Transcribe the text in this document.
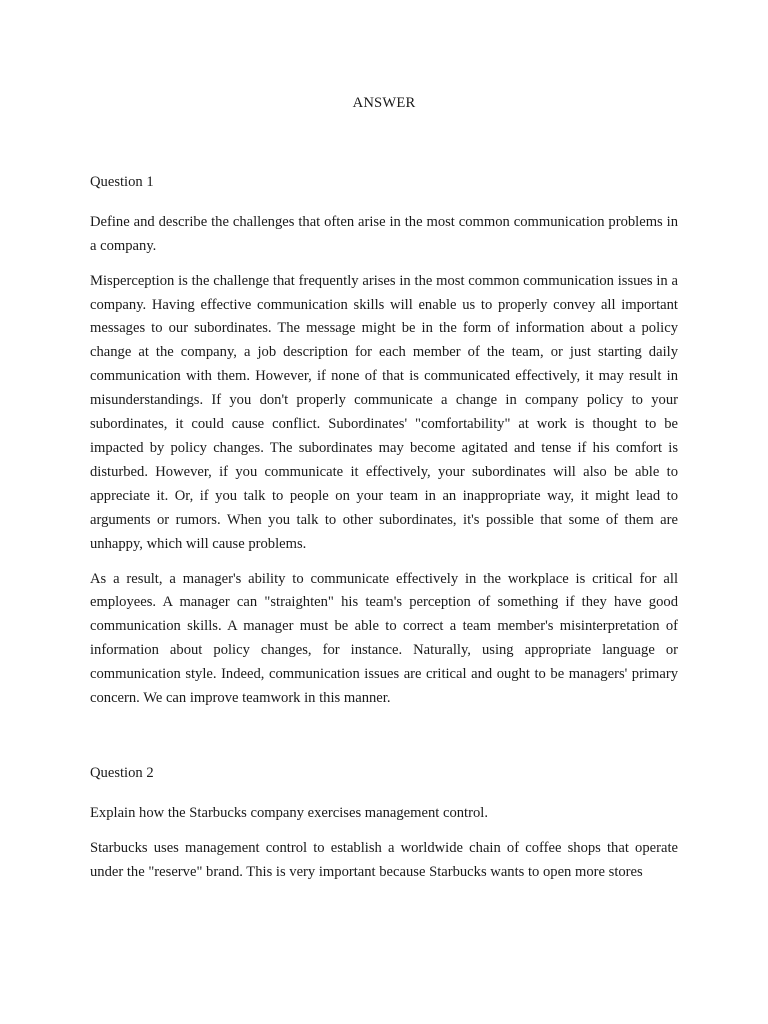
ANSWER
Question 1

Define and describe the challenges that often arise in the most common communication problems in a company.

Misperception is the challenge that frequently arises in the most common communication issues in a company. Having effective communication skills will enable us to properly convey all important messages to our subordinates. The message might be in the form of information about a policy change at the company, a job description for each member of the team, or just starting daily communication with them. However, if none of that is communicated effectively, it may result in misunderstandings. If you don't properly communicate a change in company policy to your subordinates, it could cause conflict. Subordinates' "comfortability" at work is thought to be impacted by policy changes. The subordinates may become agitated and tense if his comfort is disturbed. However, if you communicate it effectively, your subordinates will also be able to appreciate it. Or, if you talk to people on your team in an inappropriate way, it might lead to arguments or rumors. When you talk to other subordinates, it's possible that some of them are unhappy, which will cause problems.

As a result, a manager's ability to communicate effectively in the workplace is critical for all employees. A manager can "straighten" his team's perception of something if they have good communication skills. A manager must be able to correct a team member's misinterpretation of information about policy changes, for instance. Naturally, using appropriate language or communication style. Indeed, communication issues are critical and ought to be managers' primary concern. We can improve teamwork in this manner.

Question 2

Explain how the Starbucks company exercises management control.

Starbucks uses management control to establish a worldwide chain of coffee shops that operate under the "reserve" brand. This is very important because Starbucks wants to open more stores
